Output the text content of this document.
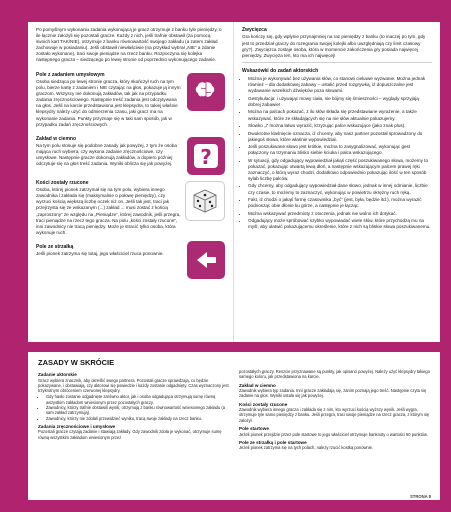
Po pomyślnym wykonaniu zadania wykonującą je gracz otrzymuje z banku tyle pieniędzy, o ile łącznie założyli się pozostali gracze. Każdy z nich, jeśli trafnie obstawił (za pomocą swoich kart TAK/NIE), otrzymuje z banku równowartość swojego zakładu (a zatem zakład zachowuje w posiadaniu). Jeśli obstawił niewłaściwie (na przykład wybrał „NIE” a zdanie zostało wykonane), traci swoje pieniądze na rzecz banku. Rozpoczyna się kolejka następnego gracza – siedzącego po lewej stronie od poprzednio wykonującego zadanie.

Pole z zadaniem umysłowym

Osoba siedząca po lewej stronie gracza, który skończył ruch na tym polu, bierze kartę z zadaniem i NIE czytając na głos, pokazuje ją innym graczom. Wszyscy nie dokonują zakładów, tak jak na przypadku zadania zręcznościowego. Następnie treść zadania jest odczytywana na głos. Jeśli na karcie przedstawiona jest klepsydra, to takiej właśnie klepsydry należy użyć do odmierzenia czasu, jaki gracz ma na wykonanie zadania. Punkty przyznaje się w taki sam sposób, jak w przypadku zadań zręcznościowych.

Zakład w ciemno

Na tym polu stosuje się podobne zasady jak powyżej, z tym że osoba mająca ruch wybiera, czy wykona zadanie zręcznościowe, czy umysłowe. Następnie gracze dokonują zakładów, a dopiero później odczytuje się na głos treść zadania. Wyniki oblicza się jak powyżej.	?
Kości zostały rzucone

Osoba, której pionek zatrzymał się na tym polu, wybiera innego zawodnika i zakłada się (maksymalnie o połowę pieniędzy), czy wyrzuci kością większą liczbę oczek niż on. Jeśli tak jest, traci jak przejrzysta się ze wskazanym (...) zakład ... musi zostać z kością „zaproszony” ze względu na „Pieniądze”, której zawodnik, jeśli przegra, traci pieniądze na rzecz tego gracza. Na polu „kości zostały rzucone”, inni zawodnicy nie tracą pieniędzy. Może je stracić tylko osoba, która wykonuje ruch.

Pole ze strzałką

Jeśli pionek zatrzyma się tutaj, jego właściciel rzuca ponownie.

Zwycięzca

Gra kończy się, gdy wpłynie przynajmniej na raz pieniędzy z banku (to inaczej po tym, gdy jest to przedział graczy do rozegrania swojej kolejki albo uwzględniają czy limit czasowy gry?). Zwycięzca zostaje osoba, która w momencie zakończenia gry posiada najwięcej pieniędzy. Zwycięża ten, kto ma ich najwięcej!

Wskazówki do zadań aktorskich
• Można je wykonywać bez używania słów, co stanowi ciekawe wyzwanie. Można jednak również – dla dodatkowej zabawy – ustalić przed rozgrywką, iż dopuszczalne jest wydawanie wszelkich dźwięków poza słowami.
• Gestykulacja: i używając mowy ciała, nie bójmy się śmieszności – wyglądy sprzyjają dobrej zabawie!
• Można na palcach pokazać, z ilu słów składa się przedstawiane wyrażenie, a także wskazywać, które ze składających się na nie słów aktualnie pokazujemy.
• Słowko „i” można łatwo wyrazić, krzyżując palce wskazujące (jako znak plus).
• Dwukrotne klaśnięcie oznacza, iż chcemy, aby nasz partner pozostał sprowadzony do jakiegoś słowa, które właśnie wypowiedział.
• Jeśli poszukiwane słowo jest krótkie, można to zasygnalizować, wykonując gest połączony na trzymaniu blisko siebie kciuka i palca wskazującego.
• W sytuacji, gdy odgadujący wypowiedział jakąś część poszukiwanego słowa, możemy to pokazać, pokazując otwartą lewą dłoń, a następnie wskazującym palcem prawej ręki zaznaczyć, o którą wyraz chodzi, dodatkowo odpowiednio pokazując ilość w ten sposób sylab liczbę palców.
• Gdy chcemy, aby odgadujący wypowiedział dane słowo, jednak w innej odmianie, liczbie czy czasie, to możemy to zaznaczyć, wykonując w powietrzu okrężny ruch ręką.
• Fakt, iż chodzi o jakąś formę czasownika „być” (jest, była, będzie itd.), można wyrazić podnosząc obie dłonie ku górze, a następnie je łącząc.
• Można wskazywać przedmioty z otoczenia, jednak nie wolno ich dotykać.
• Odgadujący może spróbować szybko wypowiadać wiele słów, które przychodzą mu na myśl, aby ułatwić pokazującemu określenie, które z nich są bliskie słowa poszukiwanemu.
ZASADY W SKRÓCIE
Zadanie aktorskie

Gracz wybiera znacznik, aby określić swego partnera. Pozostali gracze sprawdzają, co będzie pokazywane, i obstawiają, czy aktorowi się powiedzie i każdy zostanie odgadnięty. Czas wyznaczony jest trzykrotnym obróceniem czerwonej klepsydry.

• Gdy hasło zostanie odgadnięte zarówno aktor, jak i osoba odgadująca otrzymują sumę równą wszystkim zakładom wniesionym przez pozostałych graczy.
• Zawodnicy, którzy trafnie obstawili wynik, otrzymują z banku równowartość wniesionego zakładu (a sam zakład zatrzymują).
• Zawodnicy, którzy nie zdołali przewidzieć wyniku, tracą swoje zakłady na rzecz banku.
Zadania zręcznościowe i umysłowe

Pozostali gracze czytają zadanie i stawiają zakłady. Gdy zawodnik zdoła je wykonać, otrzymuje sumę równą wszystkim zakładom wniesionym przez

pozostałych graczy. Reszcie przyznawane są punkty, jak opisano powyżej. Należy użyć klepsydry takiego samego koloru, jak przedstawiona na karcie.

Zakład w ciemno

Zawodnik wybiera typ zadania. Inni gracze zakładają się, zanim poznają jego treść. Następnie czyta się zadanie na głos. Wyniki ustala się jak powyżej.

Kości zostały rzucone

Zawodnik wybiera innego gracza i zakłada się z nim, kto wyrzuci kością wyższy wynik. Jeśli wygra, otrzymuje tyle samo pieniędzy z banku. Jeśli przegra, traci swoje pieniądze na rzecz gracza, z którym się założył.

Pole startowe

Jeżeli pionek przejdzie przez pole startowe to jego właściciel otrzymuje banknoty o wartości 50 punktów.

Pole ze strzałką i pole startowe

Jeżeli pionek zatrzyma się na tych polach, należy rzucić kostką ponownie.

STRONA 8
